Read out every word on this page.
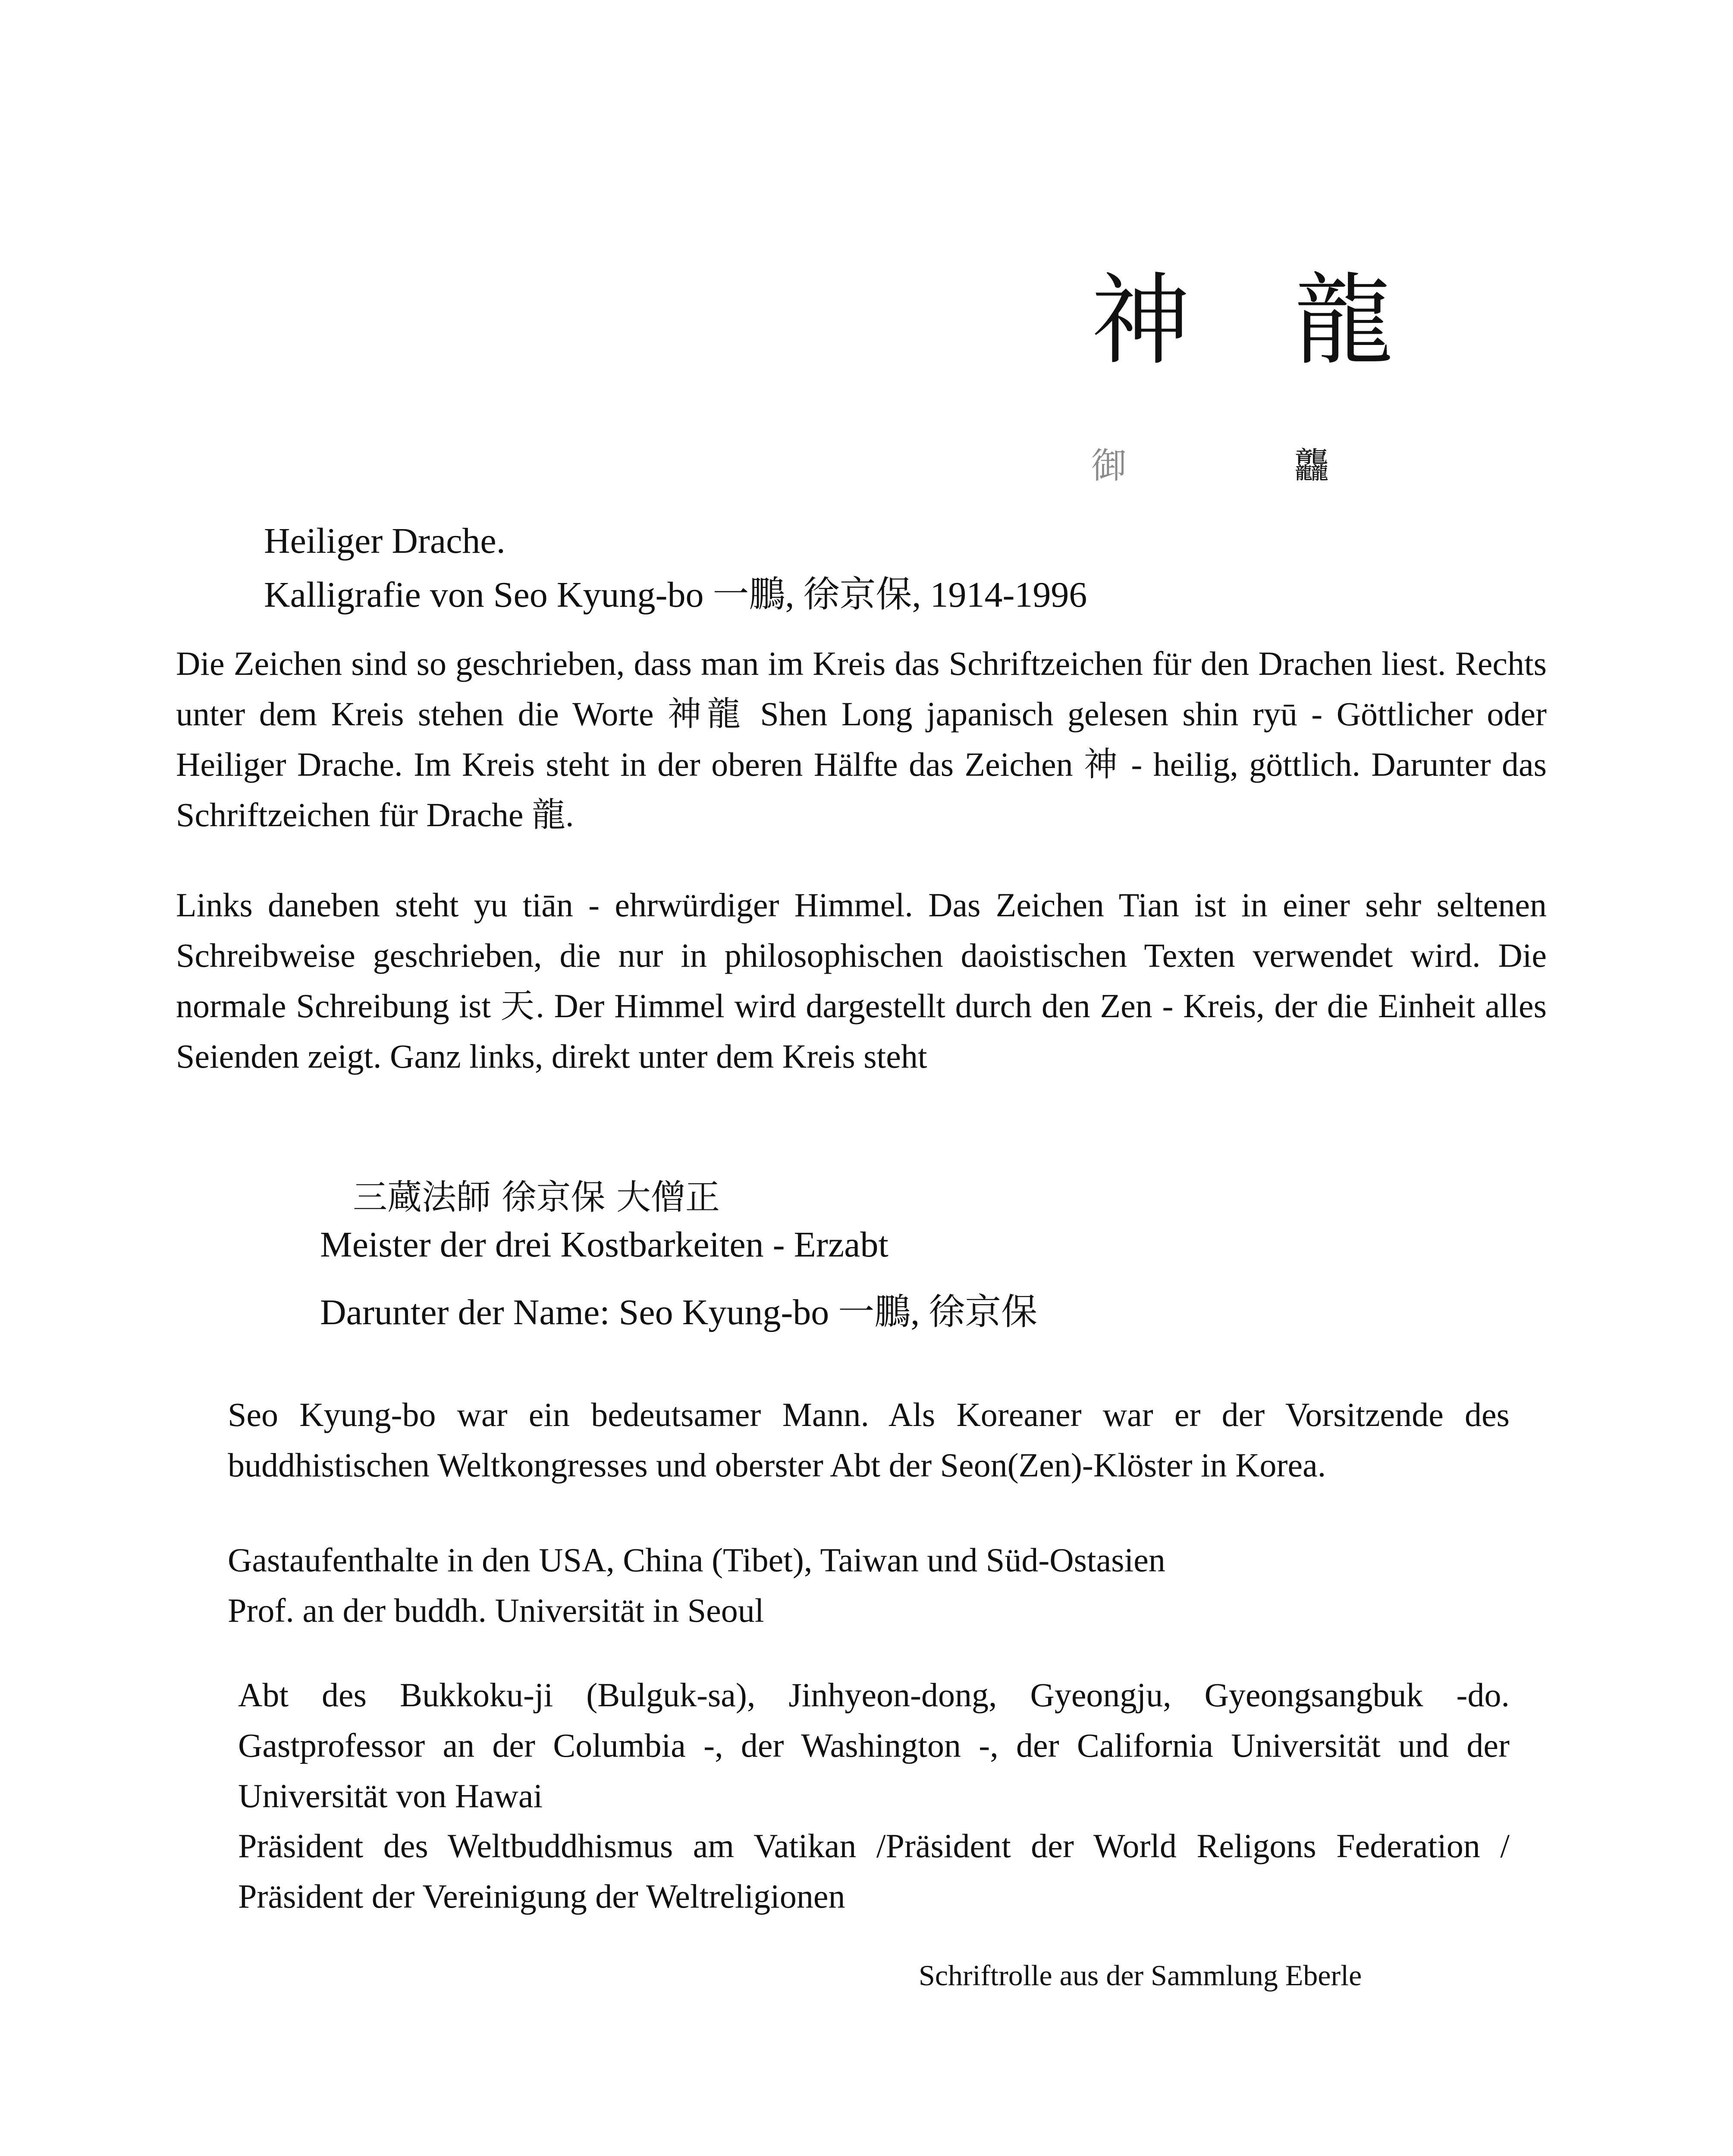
神 龍
御	龘
Heiliger Drache.
Kalligrafie von Seo Kyung-bo 一鵬, 徐京保, 1914-1996
Die Zeichen sind so geschrieben, dass man im Kreis das Schriftzeichen für den Drachen liest. Rechts unter dem Kreis stehen die Worte 神龍 Shen Long japanisch gelesen shin ryū - Göttlicher oder Heiliger Drache. Im Kreis steht in der oberen Hälfte das Zeichen 神 - heilig, göttlich. Darunter das Schriftzeichen für Drache 龍.
Links daneben steht yu tiān - ehrwürdiger Himmel. Das Zeichen Tian ist in einer sehr seltenen Schreibweise geschrieben, die nur in philosophischen daoistischen Texten verwendet wird. Die normale Schreibung ist 天. Der Himmel wird dargestellt durch den Zen - Kreis, der die Einheit alles Seienden zeigt. Ganz links, direkt unter dem Kreis steht
三蔵法師 徐京保 大僧正
Meister der drei Kostbarkeiten - Erzabt
Darunter der Name: Seo Kyung-bo 一鵬, 徐京保
Seo Kyung-bo war ein bedeutsamer Mann. Als Koreaner war er der Vorsitzende des buddhistischen Weltkongresses und oberster Abt der Seon(Zen)-Klöster in Korea.
Gastaufenthalte in den USA, China (Tibet), Taiwan und Süd-Ostasien
Prof. an der buddh. Universität in Seoul
Abt des Bukkoku-ji (Bulguk-sa), Jinhyeon-dong, Gyeongju, Gyeongsangbuk -do. Gastprofessor an der Columbia -, der Washington -, der California Universität und der Universität von Hawai
Präsident des Weltbuddhismus am Vatikan /Präsident der World Religons Federation / Präsident der Vereinigung der Weltreligionen
Schriftrolle aus der Sammlung Eberle
